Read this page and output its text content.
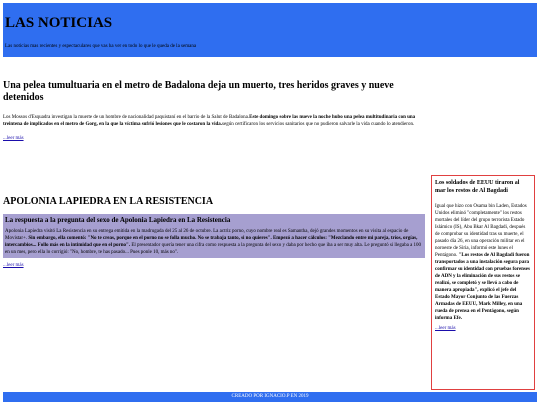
LAS NOTICIAS

Las noticias mas recientes y espectaculares que vas ha ver en todo lo que le queda de la semana

Una pelea tumultuaria en el metro de Badalona deja un muerto, tres heridos graves y nueve detenidos

Los Mossos d'Esquadra investigan la muerte de un hombre de nacionalidad paquistaní en el barrio de la Salut de Badalona.Este domingo sobre las nueve la noche hubo una pelea multitudinaria con una treintena de implicados en el metro de Gorg, en la que la víctima sufrió lesiones que le costaron la vida.según certificaron los servicios sanitarios que no pudieron salvarle la vida cuando lo atendieron.

...leer más
APOLONIA LAPIEDRA EN LA RESISTENCIA
La respuesta a la pregunta del sexo de Apolonia Lapiedra en La Resistencia

Apolonia Lapiedra visitó La Resistencia en su entrega emitida en la madrugada del 25 al 26 de octubre. La actriz porno, cuyo nombre real es Samantha, dejó grandes momentos en su visita al espacio de Movistar+. Sin embargo, ella comentó: "No te creas, porque en el porno no se folla mucho. No se trabaja tanto, si no quieres". Empezó a hacer cálculos: "Mezclando entre mi pareja, tríos, orgías, intercambios... Follo más en la intimidad que en el porno". El presentador quería tener una cifra como respuesta a la pregunta del sexo y daba por hecho que iba a ser muy alta. Le preguntó si llegaba a 100 en un mes, pero ella lo corrigió: "No, hombre, te has pasado... Pues ponle 10, más no".

...leer más
Los soldados de EEUU tiraron al mar los restos de Al Bagdadi

Igual que hizo con Osama bin Laden, Estados Unidos eliminó "completamente" los restos mortales del líder del grupo terrorista Estado Islámico (IS), Abu Bkar Al Bagdadi, después de comprobar su identidad tras su muerte, el pasado día 26, en una operación militar en el noroeste de Siria, informó este lunes el Pentágono. "Los restos de Al Bagdadi fueron transportados a una instalación segura para confirmar su identidad con pruebas forenses de ADN y la eliminación de sus restos se realizó, se completó y se llevó a cabo de manera apropiada", explicó el jefe del Estado Mayor Conjunto de las Fuerzas Armadas de EEUU, Mark Milley, en una rueda de prensa en el Pentágono, según informa Efe.

...leer más
CREADO POR IGNACIO.P EN 2019
